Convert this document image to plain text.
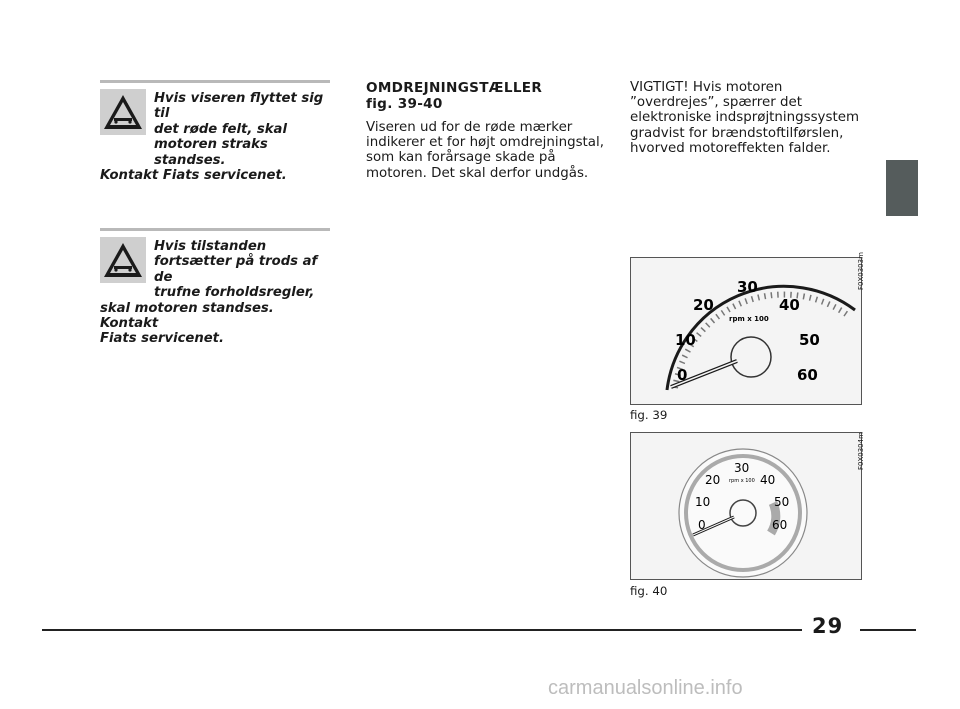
Hvis viseren flyttet sig til
det røde felt, skal
motoren straks standses.
Kontakt Fiats servicenet.
Hvis tilstanden
fortsætter på trods af de
trufne forholdsregler,
skal motoren standses. Kontakt
Fiats servicenet.
OMDREJNINGSTÆLLER
fig. 39-40
Viseren ud for de røde mærker
indikerer et for højt omdrejningstal,
som kan forårsage skade på
motoren. Det skal derfor undgås.
VIGTIGT! Hvis motoren
”overdrejes”, spærrer det
elektroniske indsprøjtningssystem
gradvist for brændstoftilførslen,
hvorved motoreffekten falder.
0
10
20
30
40
50
60
rpm x 100
F0X0303m
fig. 39
0
10
20
30
40
50
60
rpm x 100
F0X0304m
fig. 40
29
carmanualsonline.info
